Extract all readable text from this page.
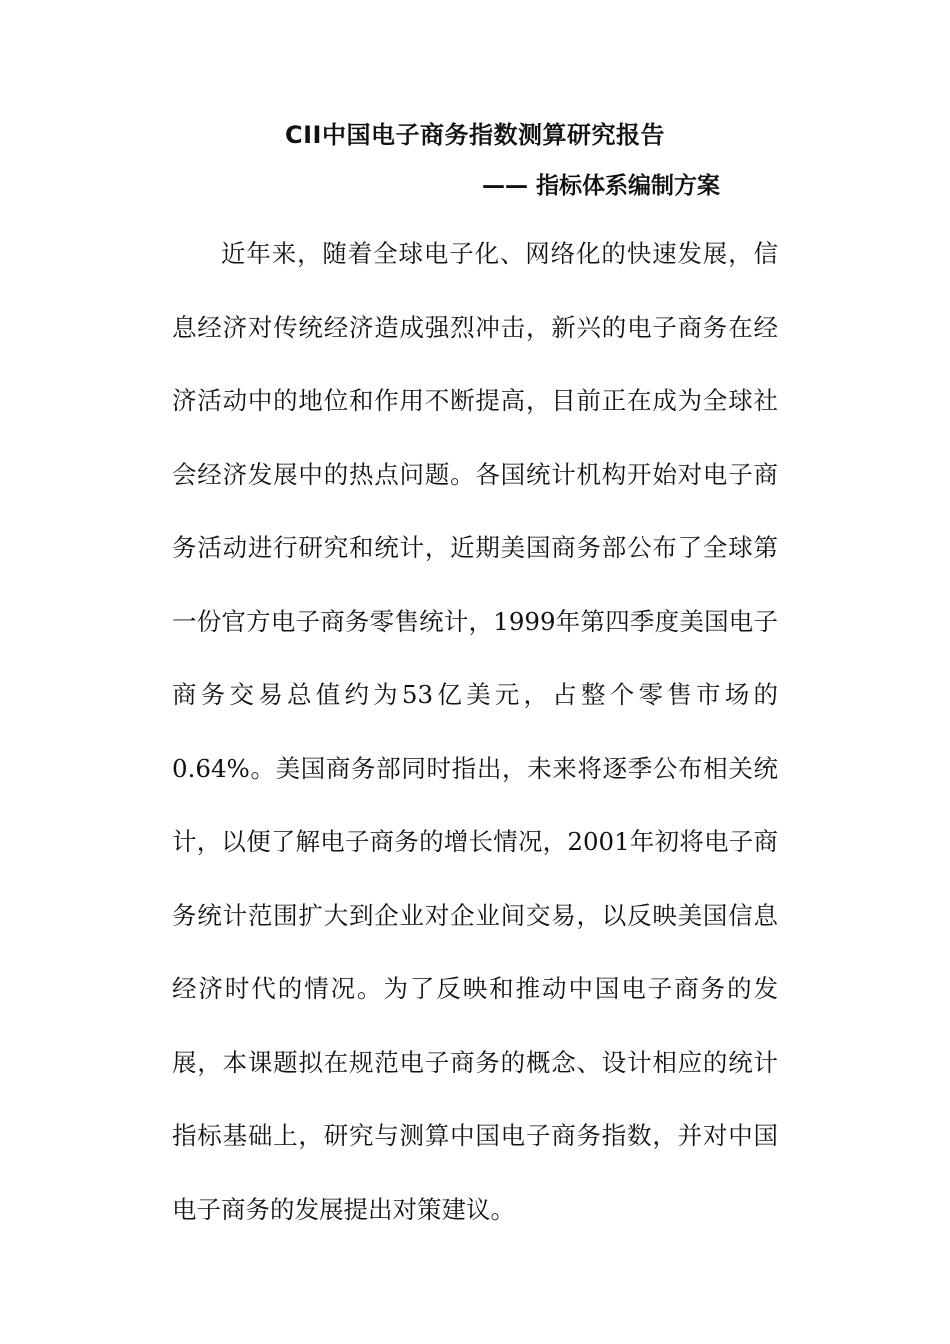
CII中国电子商务指数测算研究报告
—— 指标体系编制方案

近年来，随着全球电子化、网络化的快速发展，信息经济对传统经济造成强烈冲击，新兴的电子商务在经济活动中的地位和作用不断提高，目前正在成为全球社会经济发展中的热点问题。各国统计机构开始对电子商务活动进行研究和统计，近期美国商务部公布了全球第一份官方电子商务零售统计，1999年第四季度美国电子商务交易总值约为53亿美元，占整个零售市场的0.64%。美国商务部同时指出，未来将逐季公布相关统计，以便了解电子商务的增长情况，2001年初将电子商务统计范围扩大到企业对企业间交易，以反映美国信息经济时代的情况。为了反映和推动中国电子商务的发展，本课题拟在规范电子商务的概念、设计相应的统计指标基础上，研究与测算中国电子商务指数，并对中国电子商务的发展提出对策建议。
